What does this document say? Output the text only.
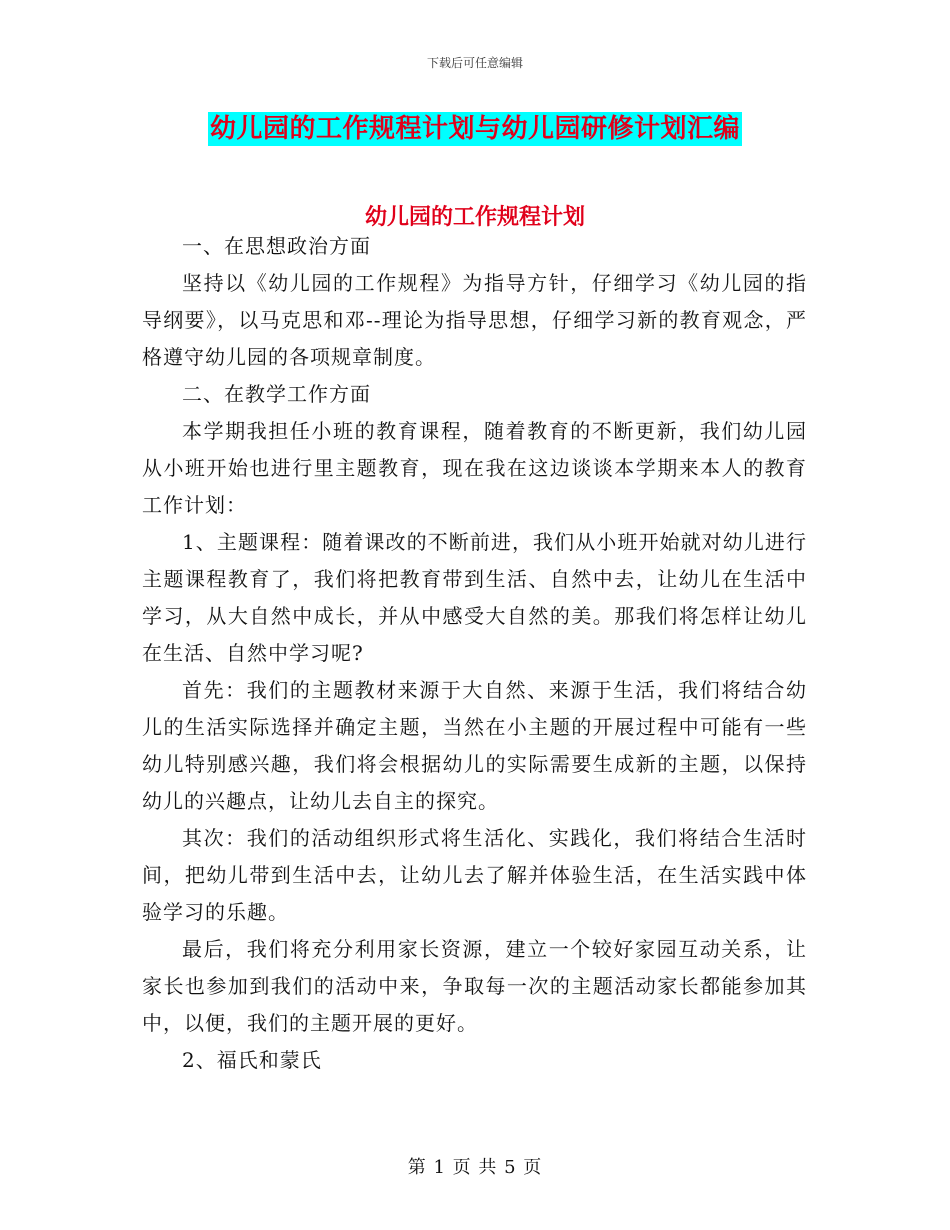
下载后可任意编辑
幼儿园的工作规程计划与幼儿园研修计划汇编
幼儿园的工作规程计划

一、在思想政治方面

坚持以《幼儿园的工作规程》为指导方针，仔细学习《幼儿园的指导纲要》，以马克思和邓--理论为指导思想，仔细学习新的教育观念，严格遵守幼儿园的各项规章制度。

二、在教学工作方面

本学期我担任小班的教育课程，随着教育的不断更新，我们幼儿园从小班开始也进行里主题教育，现在我在这边谈谈本学期来本人的教育工作计划：

1、主题课程：随着课改的不断前进，我们从小班开始就对幼儿进行主题课程教育了，我们将把教育带到生活、自然中去，让幼儿在生活中学习，从大自然中成长，并从中感受大自然的美。那我们将怎样让幼儿在生活、自然中学习呢?

首先：我们的主题教材来源于大自然、来源于生活，我们将结合幼儿的生活实际选择并确定主题，当然在小主题的开展过程中可能有一些幼儿特别感兴趣，我们将会根据幼儿的实际需要生成新的主题，以保持幼儿的兴趣点，让幼儿去自主的探究。

其次：我们的活动组织形式将生活化、实践化，我们将结合生活时间，把幼儿带到生活中去，让幼儿去了解并体验生活，在生活实践中体验学习的乐趣。

最后，我们将充分利用家长资源，建立一个较好家园互动关系，让家长也参加到我们的活动中来，争取每一次的主题活动家长都能参加其中，以便，我们的主题开展的更好。

2、福氏和蒙氏

第 1 页 共 5 页
